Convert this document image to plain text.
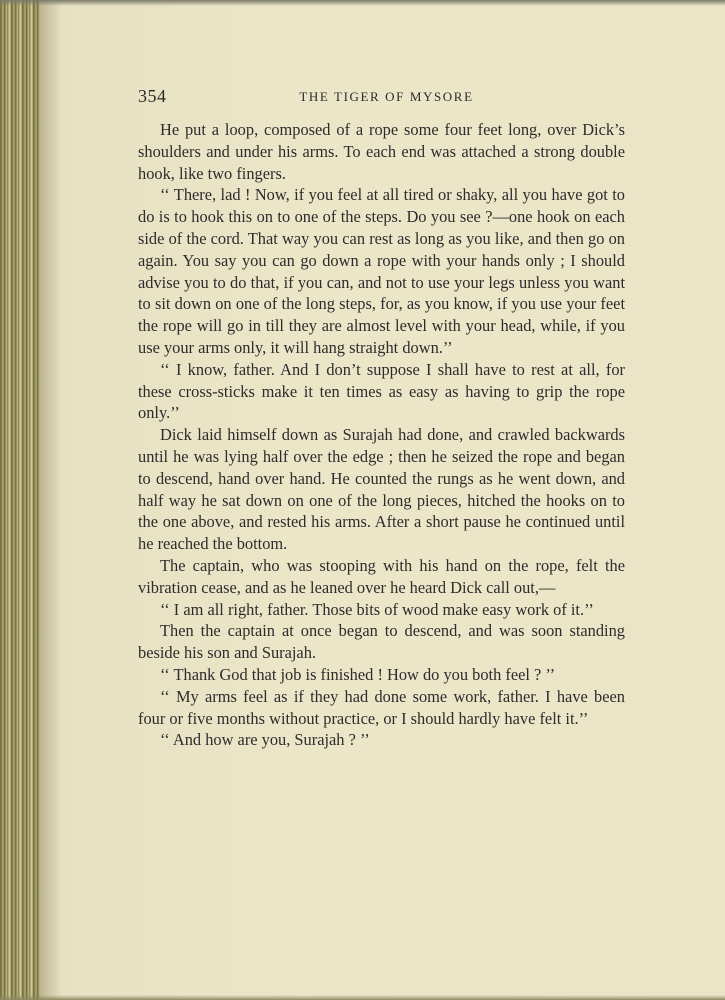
354	THE TIGER OF MYSORE

He put a loop, composed of a rope some four feet long, over Dick’s shoulders and under his arms. To each end was attached a strong double hook, like two fingers.

‘‘ There, lad ! Now, if you feel at all tired or shaky, all you have got to do is to hook this on to one of the steps. Do you see ?—one hook on each side of the cord. That way you can rest as long as you like, and then go on again. You say you can go down a rope with your hands only ; I should advise you to do that, if you can, and not to use your legs unless you want to sit down on one of the long steps, for, as you know, if you use your feet the rope will go in till they are almost level with your head, while, if you use your arms only, it will hang straight down.’’

‘‘ I know, father. And I don’t suppose I shall have to rest at all, for these cross-sticks make it ten times as easy as having to grip the rope only.’’

Dick laid himself down as Surajah had done, and crawled backwards until he was lying half over the edge ; then he seized the rope and began to descend, hand over hand. He counted the rungs as he went down, and half way he sat down on one of the long pieces, hitched the hooks on to the one above, and rested his arms. After a short pause he continued until he reached the bottom.

The captain, who was stooping with his hand on the rope, felt the vibration cease, and as he leaned over he heard Dick call out,—

‘‘ I am all right, father. Those bits of wood make easy work of it.’’

Then the captain at once began to descend, and was soon standing beside his son and Surajah.

‘‘ Thank God that job is finished ! How do you both feel ? ’’

‘‘ My arms feel as if they had done some work, father. I have been four or five months without practice, or I should hardly have felt it.’’

‘‘ And how are you, Surajah ? ’’
